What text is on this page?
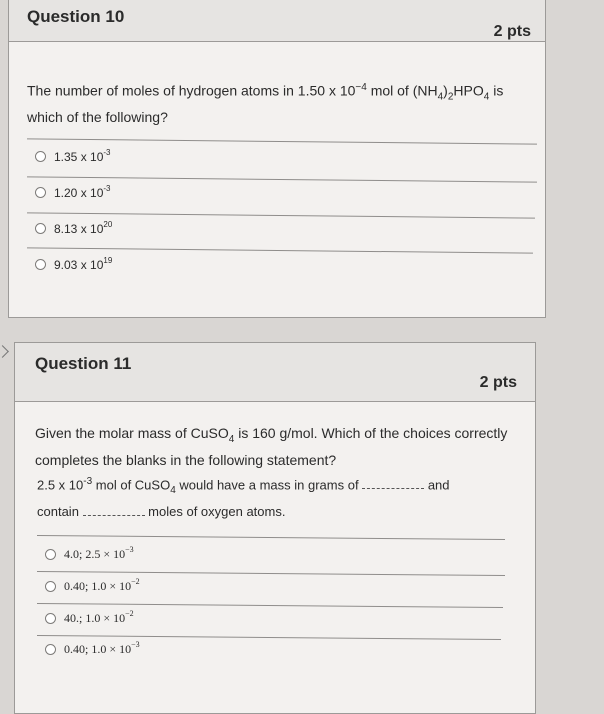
Question 10
2 pts
The number of moles of hydrogen atoms in 1.50 x $10^{-4}$ mol of $(NH_4)_2HPO_4$ is
which of the following?
1.35 x $10^{-3}$
1.20 x $10^{-3}$
8.13 x $10^{20}$
9.03 x $10^{19}$
Question 11
2 pts
Given the molar mass of CuSO$_4$ is 160 g/mol. Which of the choices correctly
completes the blanks in the following statement?
2.5 x $10^{-3}$ mol of CuSO$_4$ would have a mass in grams of	and
contain	moles of oxygen atoms.
4.0; $2.5 \times 10^{-3}$
0.40; $1.0 \times 10^{-2}$
40.; $1.0 \times 10^{-2}$
0.40; $1.0 \times 10^{-3}$
